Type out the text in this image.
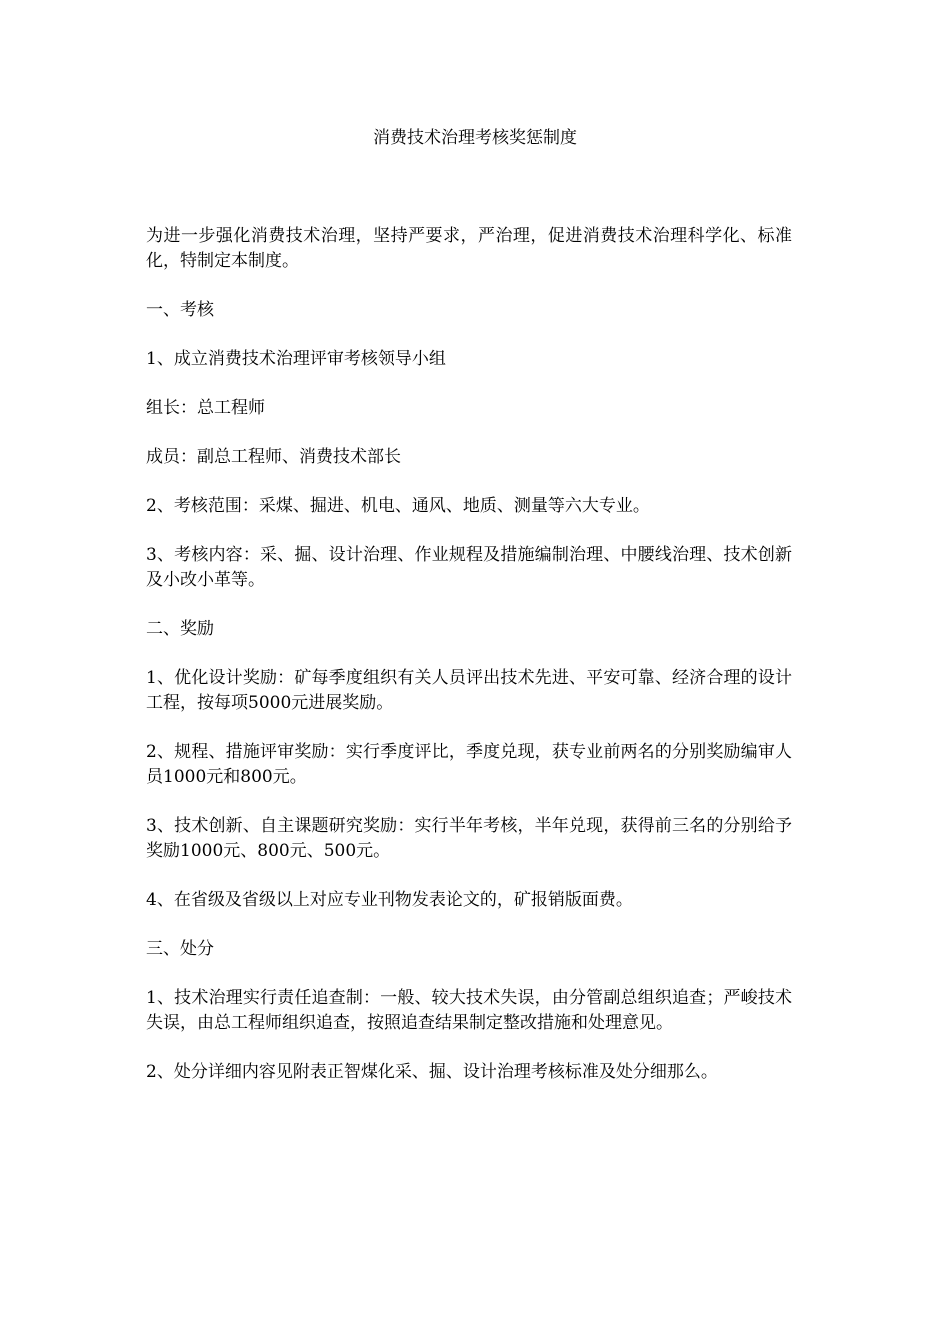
消费技术治理考核奖惩制度

为进一步强化消费技术治理，坚持严要求，严治理，促进消费技术治理科学化、标准化，特制定本制度。

一、考核

1、成立消费技术治理评审考核领导小组

组长：总工程师

成员：副总工程师、消费技术部长

2、考核范围：采煤、掘进、机电、通风、地质、测量等六大专业。

3、考核内容：采、掘、设计治理、作业规程及措施编制治理、中腰线治理、技术创新及小改小革等。

二、奖励

1、优化设计奖励：矿每季度组织有关人员评出技术先进、平安可靠、经济合理的设计工程，按每项5000元进展奖励。

2、规程、措施评审奖励：实行季度评比，季度兑现，获专业前两名的分别奖励编审人员1000元和800元。

3、技术创新、自主课题研究奖励：实行半年考核，半年兑现，获得前三名的分别给予奖励1000元、800元、500元。

4、在省级及省级以上对应专业刊物发表论文的，矿报销版面费。

三、处分

1、技术治理实行责任追查制：一般、较大技术失误，由分管副总组织追查；严峻技术失误，由总工程师组织追查，按照追查结果制定整改措施和处理意见。

2、处分详细内容见附表正智煤化采、掘、设计治理考核标准及处分细那么。
